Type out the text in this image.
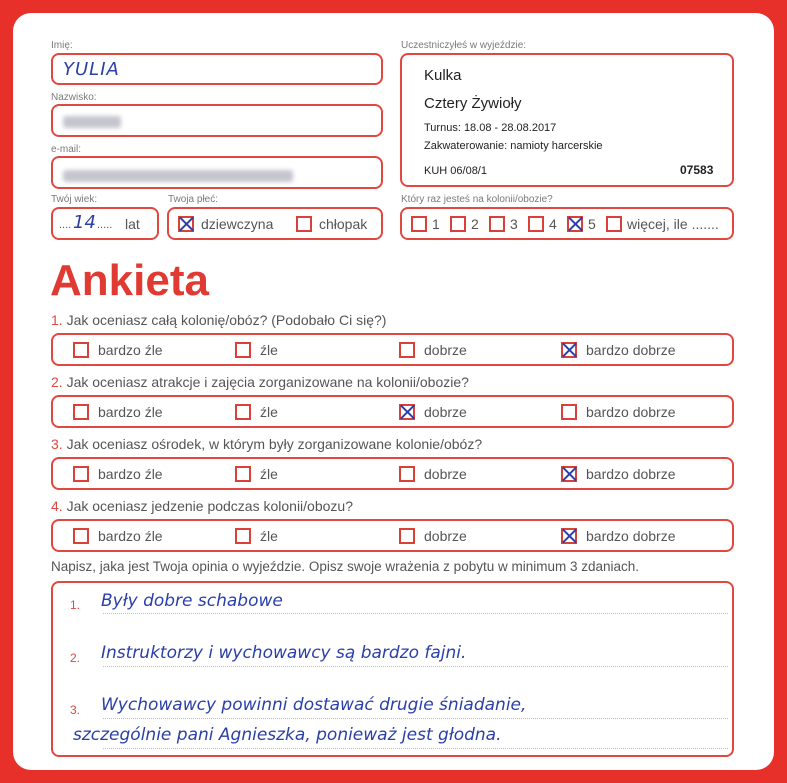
Imię:
YULIA
Nazwisko:
e-mail:
Twój wiek:
.... 14 ..... lat
Twoja płeć:
dziewczyna	chłopak
Uczestniczyłeś w wyjeździe:
Kulka
Cztery Żywioły
Turnus: 18.08 - 28.08.2017
Zakwaterowanie: namioty harcerskie
KUH 06/08/1	07583
Który raz jesteś na kolonii/obozie?
1 2 3 4 5 więcej, ile .......
Ankieta
1. Jak oceniasz całą kolonię/obóz? (Podobało Ci się?)
bardzo źle	źle	dobrze	bardzo dobrze
2. Jak oceniasz atrakcje i zajęcia zorganizowane na kolonii/obozie?
bardzo źle	źle	dobrze	bardzo dobrze
3. Jak oceniasz ośrodek, w którym były zorganizowane kolonie/obóz?
bardzo źle	źle	dobrze	bardzo dobrze
4. Jak oceniasz jedzenie podczas kolonii/obozu?
bardzo źle	źle	dobrze	bardzo dobrze
Napisz, jaka jest Twoja opinia o wyjeździe. Opisz swoje wrażenia z pobytu w minimum 3 zdaniach.
1. Były dobre schabowe
2. Instruktorzy i wychowawcy są bardzo fajni.
3. Wychowawcy powinni dostawać drugie śniadanie,
szczególnie pani Agnieszka, ponieważ jest głodna.
